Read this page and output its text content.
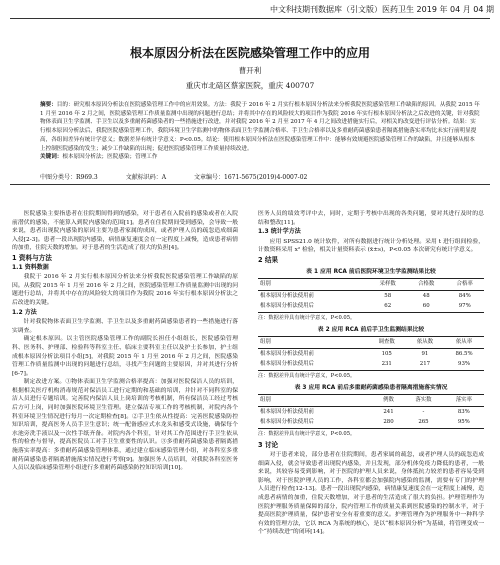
中文科技期刊数据库（引文版）医药卫生 2019 年 04 月 04 期
根本原因分析法在医院感染管理工作中的应用
曹开利
重庆市北碚区蔡家医院，重庆 400707
摘要：目的：研究根本原因分析法在医院感染管理工作中的应用效果。方法：我院于 2016 年 2 月实行根本原因分析法来分析我院医院感染管理工作缺陷的原因。从我院 2015 年 1 月至 2016 年 2 月之间，医院感染管理工作质量监测中出现的问题进行总结；并将其中存在的风险较大的项目作为我院 2016 年实行根本原因分析法之后改进的关键，针对我院物体表面卫生学监测、手卫生以及多重耐药菌感染者的一些措施进行改进，并对我院 2016 年 2 月至 2017 年 4 月之间改进措施实行后，对相关的改变进行评估分析。结果：实行根本原因分析法后，我院医院感染管理工作，我院环境卫生学监测中的物体表面卫生学监测合格率、手卫生合格率以及多重耐药菌感染患者隔离措施落实率均比未实行前明显提高，各组间差异有统计学意义；数据差异有统计学意义：P<0.05。结论：使用根本原因分析法在医院感染管理工作中：能够有效规避医院感染管理工作的缺陷，并且能够从根本上控制医院感染的发生；减少工作缺陷的出现；促进医院感染管理工作质量持续改进。
关键词：根本原因分析法；医院感染；管理工作
中图分类号：R969.3	文献标识码：A	文章编号：1671-5675(2019)4-0007-02

医院感染主要指患者在住院期间得到的感染，对于患者在入院前的感染或者在入院前潜伏的感染，不能算入到院内感染的范围[1]。患者在住院期间受到感染，会导致一般来说，患者出现院内感染的原因主要为患者家属的成因，或者护理人员的疏忽造成细菌入侵[2-3]。患者一段出现院内感染，病情康复速度会在一定程度上减慢，造成患者病情的加重，住院天数的增加。对于患者的生活造成了很大的负担[4]。

1 资料与方法
1.1 资料数据

我院于 2016 年 2 月实行根本原因分析法来分析我院医院感染管理工作缺陷的原因。从我院 2015 年 1 月至 2016 年 2 月之间，医院感染管理工作质量监测中出现的问题进行总结，并将其中存在的风险较大的项目作为我院 2016 年实行根本原因分析法之后改进的关键。

1.2 方法

针对我院物体表面卫生学监测、手卫生以及多重耐药菌感染患者的一些措施进行落实调查。

确定根本原因。以主管医院感染管理工作的副院长担任小组组长，医院感染管理科、医务科、护理部、检验科等科室主任、临床主要科室主任以及护士长参加，护士组成根本原因分析法项目小组[5]，对我院 2015 年 1 月至 2016 年 2 月之间，医院感染管理工作质量监测中出现的问题进行总结，寻找产生问题的主要原因，并对其进行分析[6-7]。

制定改进方案。①物体表面卫生学监测合格率提高：加强对医院保洁人员的培训，根据相关医疗机构消毒规范对保洁员工进行定期的和基础的培训，并针对不同科室的保洁人员进行专题培训。完善院内保洁人员上岗培训的考核机制，所有保洁员工经过考核后方可上岗，同时加强医院环境卫生管理。建立保洁专项工作的考核机制，对院内各个科室环境卫生情况进行每月一次定期检查[8]。②手卫生依从性提高：完善医院感染防控知识培训，提高医务人员手卫生意识；统一配备感应式水龙头和感受式设施，确保每个水池旁洗手液以及一次性手纸齐备。对院内各个科室，针对其工作范围进行手卫生依从性的检查与督导，提高医院员工对手卫生重要性的认识。③多重耐药菌感染患者隔离措施落实率提高：多重耐药菌感染管理体系，通过建立临床感染管理小组，对各科室多重耐药菌感染患者隔离措施落实情况进行考察[9]。加强医务人员培训，对我院各科室医务人员以及临床感染管理小组进行多重耐药菌感染防控知识培训[10]。

医务人员的绩效考评中去，同时，定期于考核中出现的各类问题，要对其进行及时的总结和整改[11]。

1.3 统计学方法

应用 SPSS21.0 统计软件，对所有数据进行统计分析处理。采用 t 进行组间检验，计数资料采用 x² 检验，相关计量资料表示 (x̄±s)，P<0.05 本次研究有统计学意义。

2 结果
表 1 应用 RCA 前后医院环境卫生学监测结果比较
组别	采样数	合格数	合格率
根本原因分析法使用前	58	48	84%
根本原因分析法使用后	62	60	97%
注：数据差异具有统计学意义，P<0.05。
表 2 应用 RCA 前后手卫生监测结果比较
组别	调查数	依从数	依从率
根本原因分析法使用前	105	91	86.5%
根本原因分析法使用后	231	217	93%
注：数据差异具有统计学意义，P<0.05。
表 3 应用 RCA 前后多重耐药菌感染患者隔离措施落实情况
组别	例数	落实数	落实率
根本原因分析法使用前	241	-	83%
根本原因分析法使用后	280	265	95%
注：数据差异具有统计学意义，P<0.05。
3 讨论

对于患者来说，部分患者在住院期间，患者家属的疏忽，或者护理人员的疏忽造成细菌入侵，就会导致患者出现院内感染，并且发现，部分机体免疫力降低的患者，一般来说，其较容易受到影响，对于医院的护理人员来说，身体抵抗力较差的患者容易受到影响，对于医院护理人员的工作，各科室都会加强院内感染的监测，需要有专门的护理人员进行检查[12-13]。患者一段出现院内感染，病情康复速度会在一定程度上减慢，造成患者病情的加重，住院天数增加，对于患者的生活造成了很大的负担。护理管理作为医院护理服务质量保障的部分，院内管理工作的质量关系到医院感染的控制水平，对于提高医院护理质量，保护患者安全有着重要的意义。护理管理作为护理服务中一种科学有效的管理方法，它以 RCA 为系统的核心，是以“根本原因分析”为基础，将管理变成一个“持续改进”的闭环[14]。
